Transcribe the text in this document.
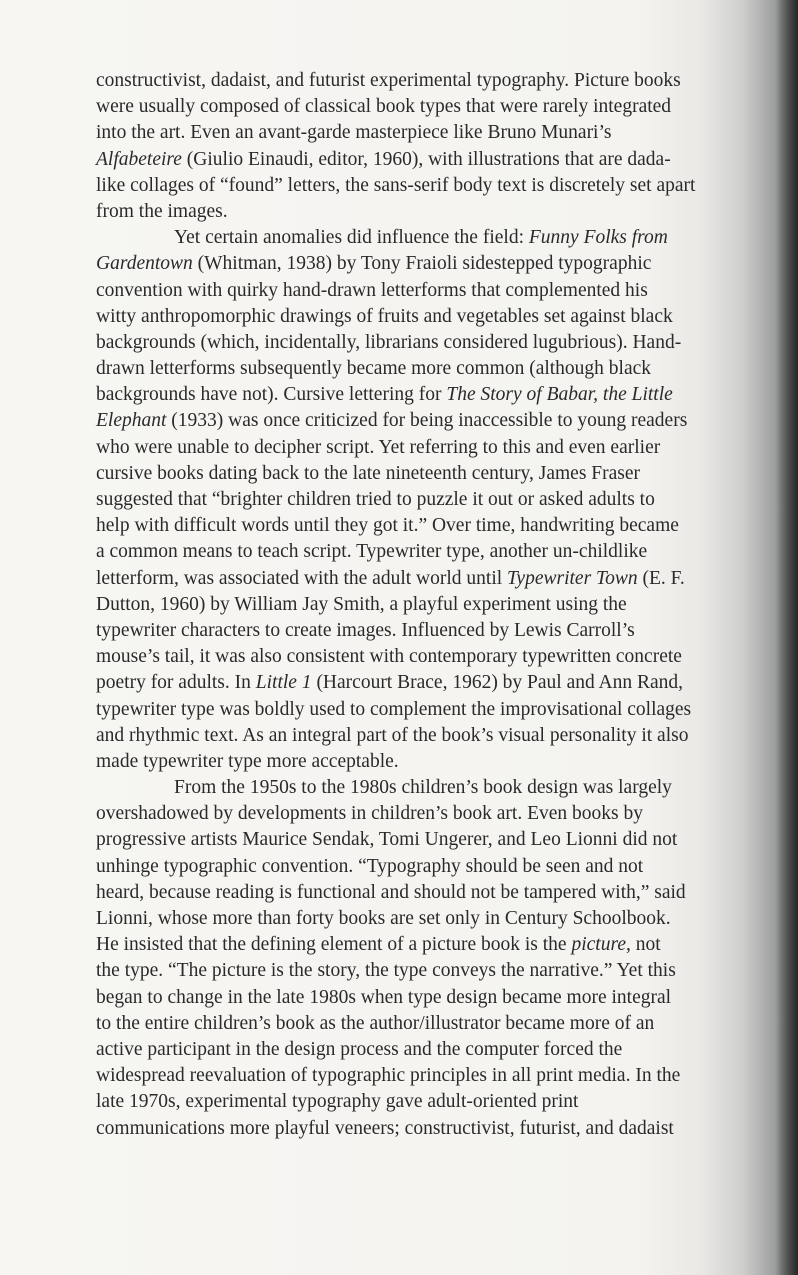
constructivist, dadaist, and futurist experimental typography. Picture books
were usually composed of classical book types that were rarely integrated
into the art. Even an avant-garde masterpiece like Bruno Munari’s
Alfabeteire (Giulio Einaudi, editor, 1960), with illustrations that are dada-
like collages of “found” letters, the sans-serif body text is discretely set apart
from the images.
Yet certain anomalies did influence the field: Funny Folks from
Gardentown (Whitman, 1938) by Tony Fraioli sidestepped typographic
convention with quirky hand-drawn letterforms that complemented his
witty anthropomorphic drawings of fruits and vegetables set against black
backgrounds (which, incidentally, librarians considered lugubrious). Hand-
drawn letterforms subsequently became more common (although black
backgrounds have not). Cursive lettering for The Story of Babar, the Little
Elephant (1933) was once criticized for being inaccessible to young readers
who were unable to decipher script. Yet referring to this and even earlier
cursive books dating back to the late nineteenth century, James Fraser
suggested that “brighter children tried to puzzle it out or asked adults to
help with difficult words until they got it.” Over time, handwriting became
a common means to teach script. Typewriter type, another un-childlike
letterform, was associated with the adult world until Typewriter Town (E. F.
Dutton, 1960) by William Jay Smith, a playful experiment using the
typewriter characters to create images. Influenced by Lewis Carroll’s
mouse’s tail, it was also consistent with contemporary typewritten concrete
poetry for adults. In Little 1 (Harcourt Brace, 1962) by Paul and Ann Rand,
typewriter type was boldly used to complement the improvisational collages
and rhythmic text. As an integral part of the book’s visual personality it also
made typewriter type more acceptable.
From the 1950s to the 1980s children’s book design was largely
overshadowed by developments in children’s book art. Even books by
progressive artists Maurice Sendak, Tomi Ungerer, and Leo Lionni did not
unhinge typographic convention. “Typography should be seen and not
heard, because reading is functional and should not be tampered with,” said
Lionni, whose more than forty books are set only in Century Schoolbook.
He insisted that the defining element of a picture book is the picture, not
the type. “The picture is the story, the type conveys the narrative.” Yet this
began to change in the late 1980s when type design became more integral
to the entire children’s book as the author/illustrator became more of an
active participant in the design process and the computer forced the
widespread reevaluation of typographic principles in all print media. In the
late 1970s, experimental typography gave adult-oriented print
communications more playful veneers; constructivist, futurist, and dadaist
